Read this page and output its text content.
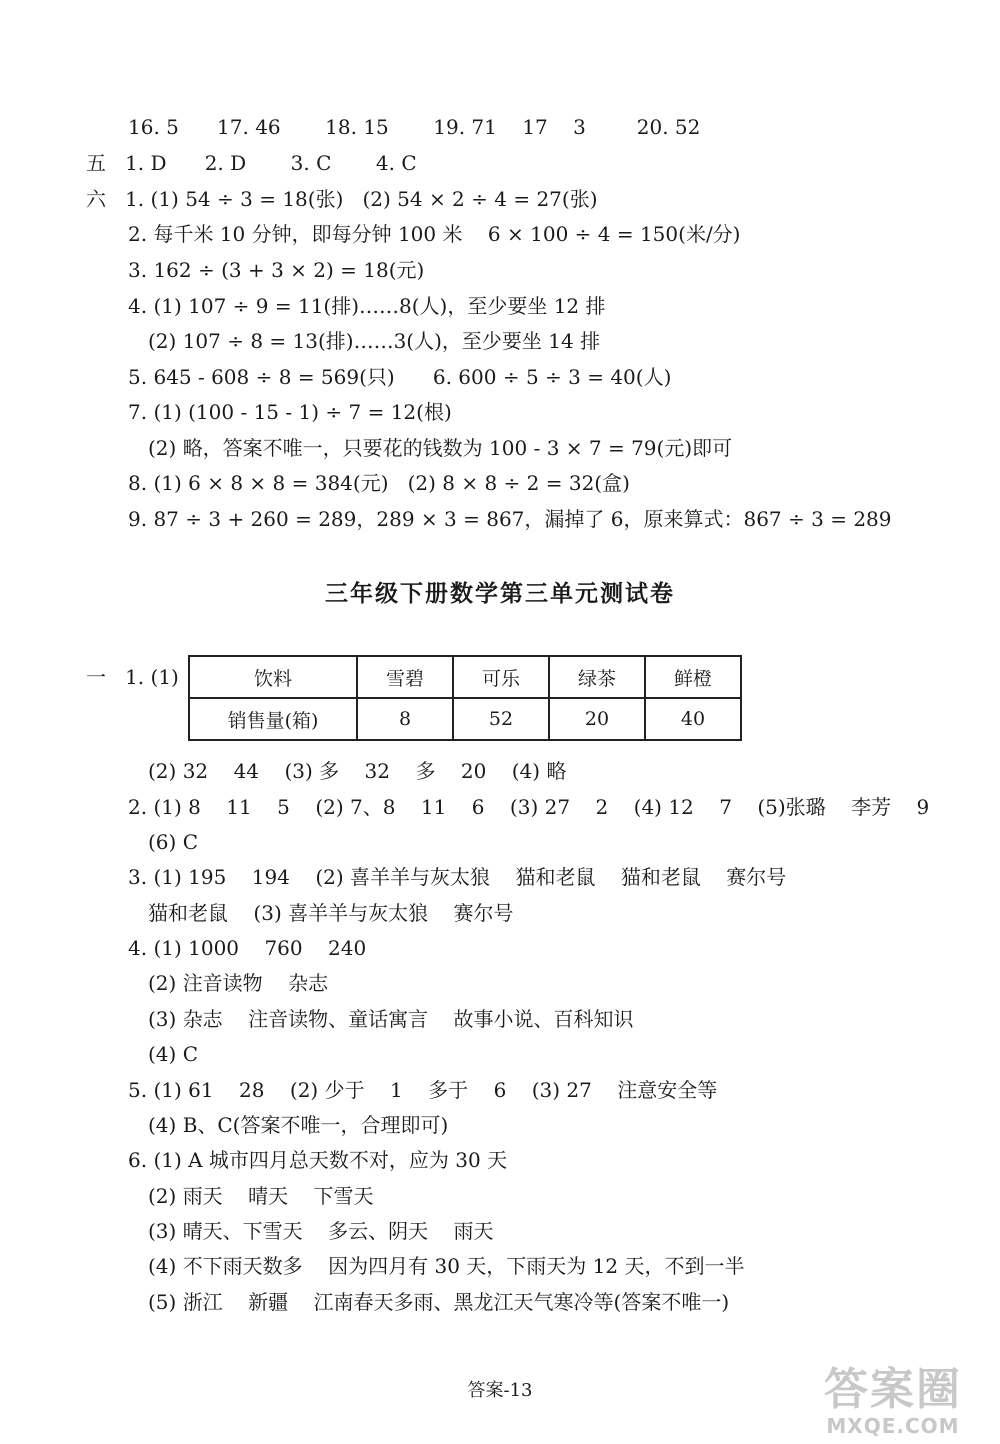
16. 5      17. 46       18. 15       19. 71    17    3        20. 52
五   1. D      2. D       3. C       4. C
六   1. (1) 54 ÷ 3 = 18(张)   (2) 54 × 2 ÷ 4 = 27(张)
2. 每千米 10 分钟，即每分钟 100 米    6 × 100 ÷ 4 = 150(米/分)
3. 162 ÷ (3 + 3 × 2) = 18(元)
4. (1) 107 ÷ 9 = 11(排)……8(人)，至少要坐 12 排
(2) 107 ÷ 8 = 13(排)……3(人)，至少要坐 14 排
5. 645 - 608 ÷ 8 = 569(只)      6. 600 ÷ 5 ÷ 3 = 40(人)
7. (1) (100 - 15 - 1) ÷ 7 = 12(根)
(2) 略，答案不唯一，只要花的钱数为 100 - 3 × 7 = 79(元)即可
8. (1) 6 × 8 × 8 = 384(元)   (2) 8 × 8 ÷ 2 = 32(盒)
9. 87 ÷ 3 + 260 = 289，289 × 3 = 867，漏掉了 6，原来算式：867 ÷ 3 = 289
三年级下册数学第三单元测试卷
一   1. (1)	饮料	雪碧	可乐	绿茶	鲜橙
销售量(箱)	8	52	20	40
(2) 32    44    (3) 多    32    多    20    (4) 略
2. (1) 8    11    5    (2) 7、8    11    6    (3) 27    2    (4) 12    7    (5)张璐    李芳    9
(6) C
3. (1) 195    194    (2) 喜羊羊与灰太狼    猫和老鼠    猫和老鼠    赛尔号
猫和老鼠    (3) 喜羊羊与灰太狼    赛尔号
4. (1) 1000    760    240
(2) 注音读物    杂志
(3) 杂志    注音读物、童话寓言    故事小说、百科知识
(4) C
5. (1) 61    28    (2) 少于    1    多于    6    (3) 27    注意安全等
(4) B、C(答案不唯一，合理即可)
6. (1) A 城市四月总天数不对，应为 30 天
(2) 雨天    晴天    下雪天
(3) 晴天、下雪天    多云、阴天    雨天
(4) 不下雨天数多    因为四月有 30 天，下雨天为 12 天，不到一半
(5) 浙江    新疆    江南春天多雨、黑龙江天气寒冷等(答案不唯一)
答案-13	答案圈
MXQE.COM
